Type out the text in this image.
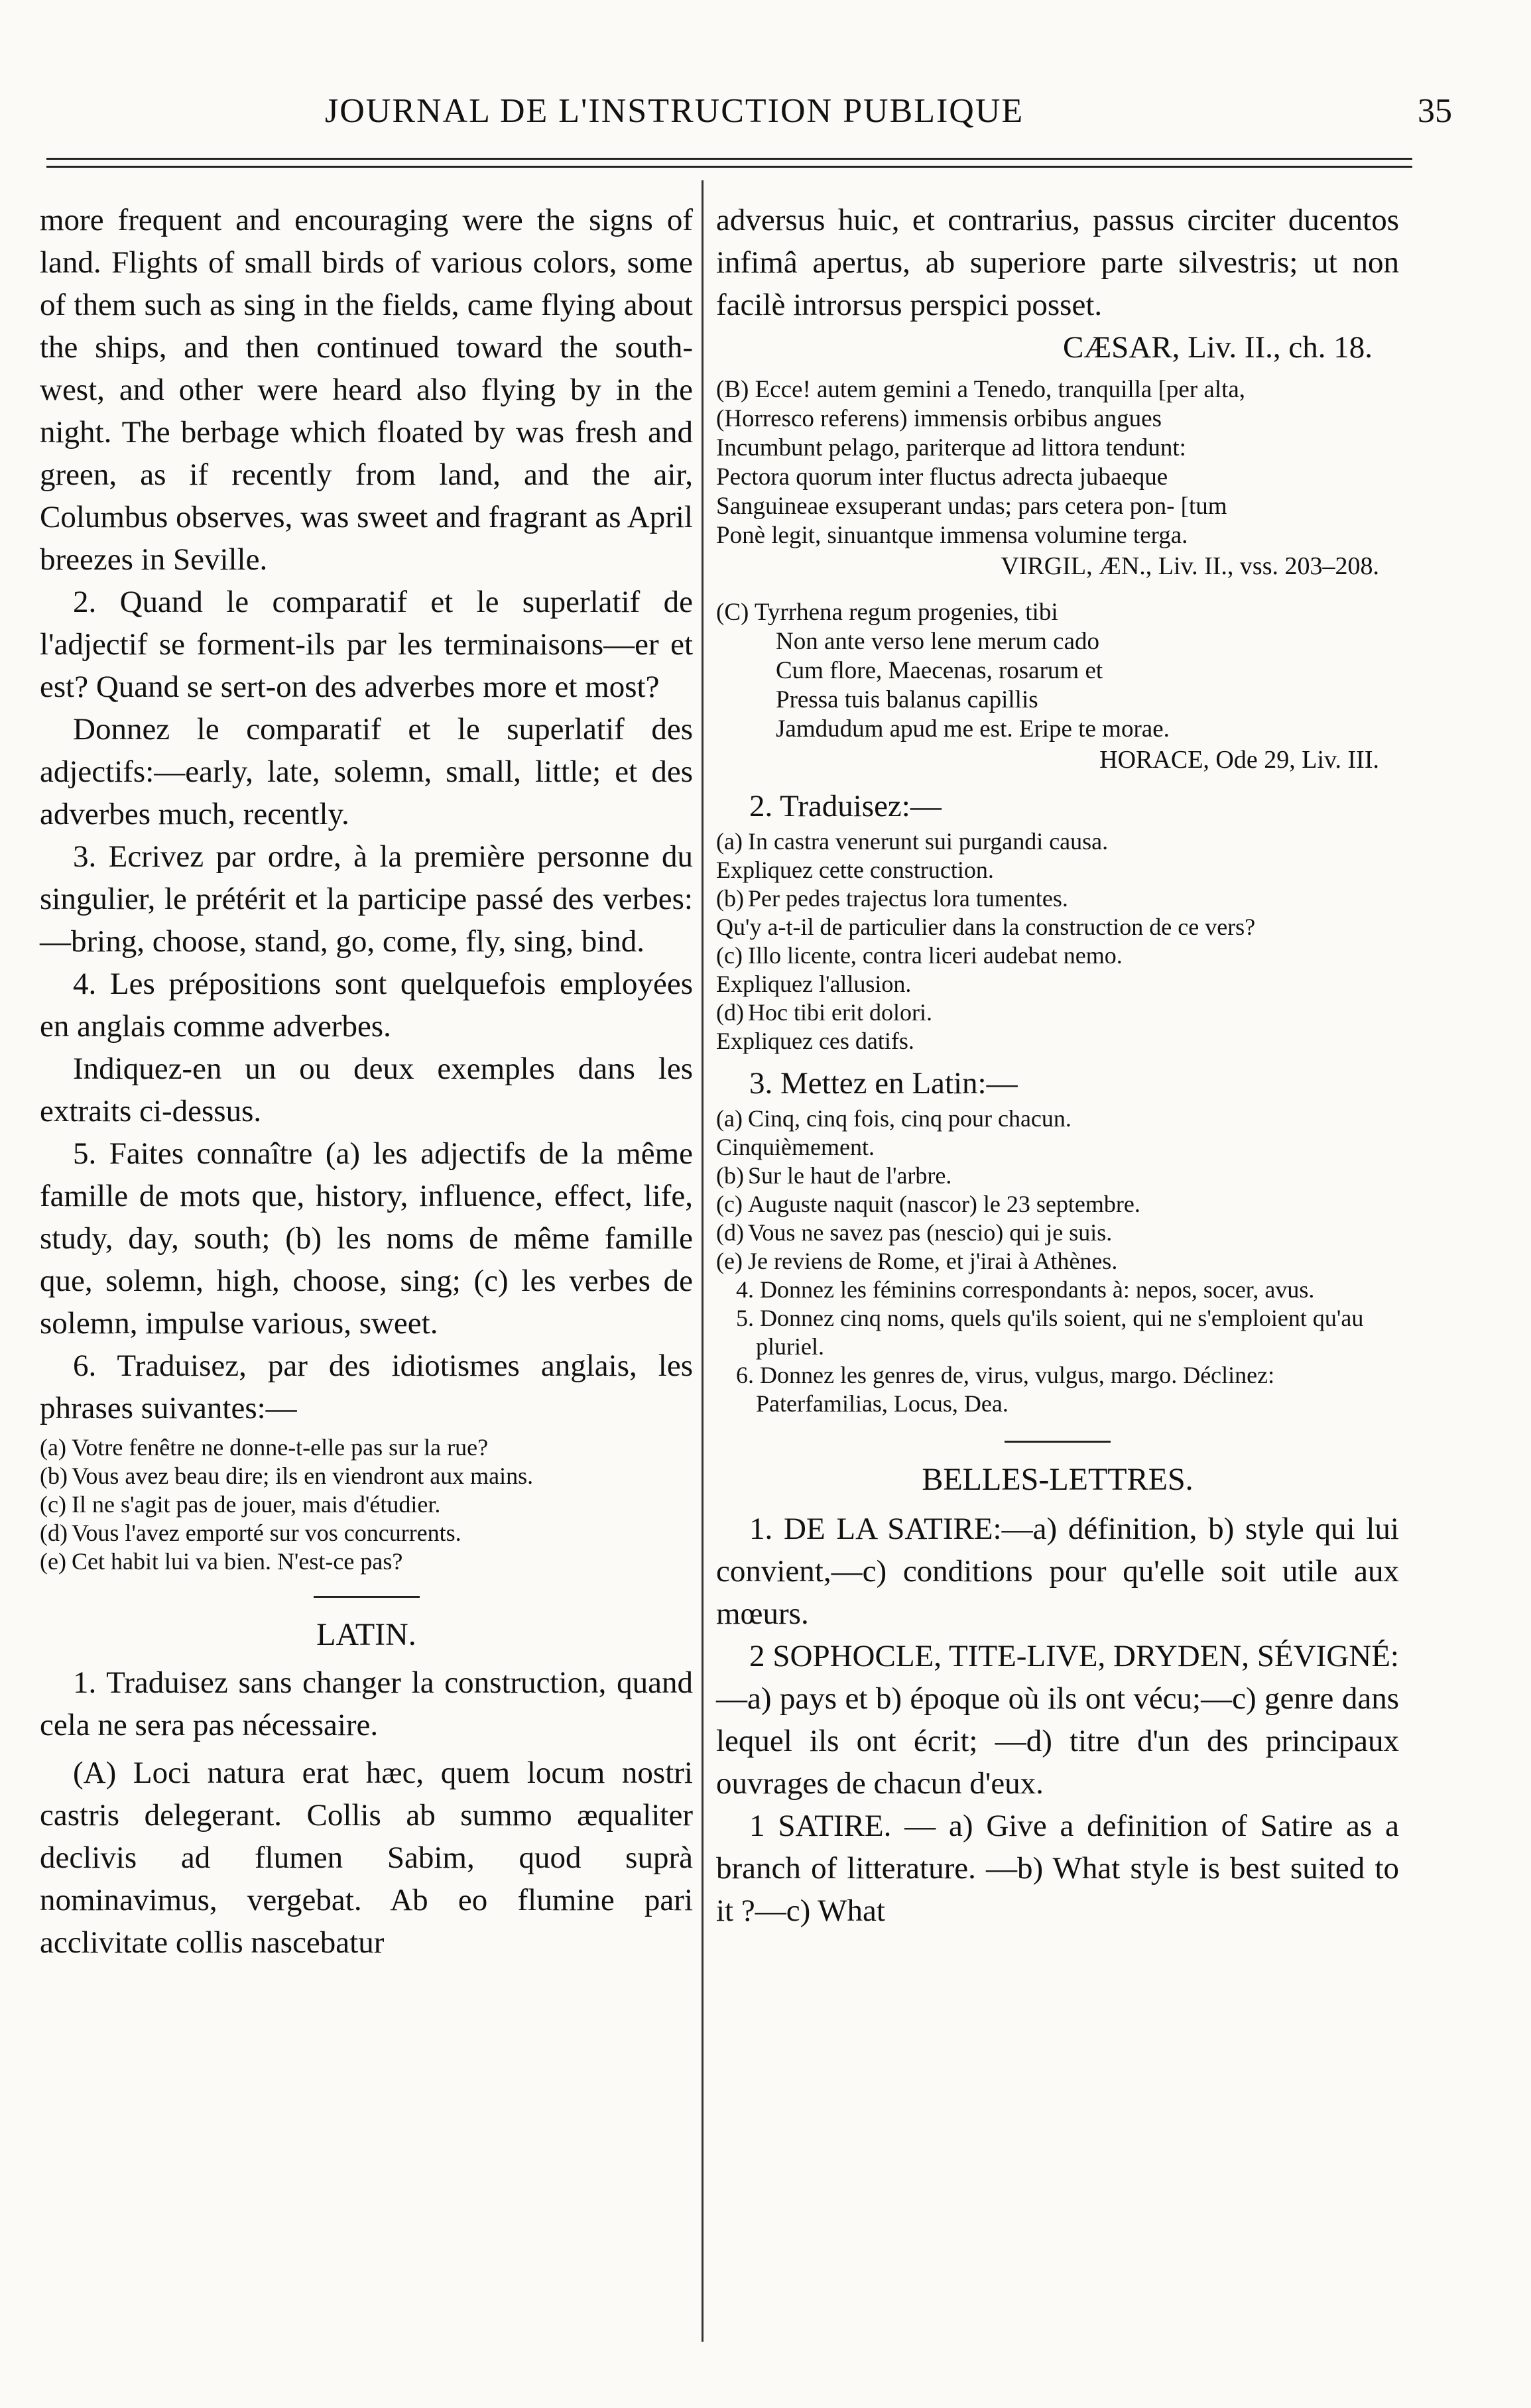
JOURNAL DE L'INSTRUCTION PUBLIQUE	35

more frequent and encouraging were the signs of land. Flights of small birds of various colors, some of them such as sing in the fields, came flying about the ships, and then continued toward the south-west, and other were heard also flying by in the night. The berbage which floated by was fresh and green, as if recently from land, and the air, Columbus observes, was sweet and fragrant as April breezes in Seville.

2. Quand le comparatif et le superlatif de l'adjectif se forment-ils par les terminaisons—er et est? Quand se sert-on des adverbes more et most?

Donnez le comparatif et le superlatif des adjectifs:—early, late, solemn, small, little; et des adverbes much, recently.

3. Ecrivez par ordre, à la première personne du singulier, le prétérit et la participe passé des verbes:—bring, choose, stand, go, come, fly, sing, bind.

4. Les prépositions sont quelquefois employées en anglais comme adverbes.

Indiquez-en un ou deux exemples dans les extraits ci-dessus.

5. Faites connaître (a) les adjectifs de la même famille de mots que, history, influence, effect, life, study, day, south; (b) les noms de même famille que, solemn, high, choose, sing; (c) les verbes de solemn, impulse various, sweet.

6. Traduisez, par des idiotismes anglais, les phrases suivantes:—

(a) Votre fenêtre ne donne-t-elle pas sur la rue?
(b) Vous avez beau dire; ils en viendront aux mains.
(c) Il ne s'agit pas de jouer, mais d'étudier.
(d) Vous l'avez emporté sur vos concurrents.
(e) Cet habit lui va bien. N'est-ce pas?
LATIN.

1. Traduisez sans changer la construction, quand cela ne sera pas nécessaire.

(A) Loci natura erat hæc, quem locum nostri castris delegerant. Collis ab summo æqualiter declivis ad flumen Sabim, quod suprà nominavimus, vergebat. Ab eo flumine pari acclivitate collis nascebatur

adversus huic, et contrarius, passus circiter ducentos infimâ apertus, ab superiore parte silvestris; ut non facilè introrsus perspici posset.

CÆSAR, Liv. II., ch. 18.

(B) Ecce! autem gemini a Tenedo, tranquilla [per alta,
(Horresco referens) immensis orbibus angues
Incumbunt pelago, pariterque ad littora tendunt:
Pectora quorum inter fluctus adrecta jubaeque
Sanguineae exsuperant undas; pars cetera pon- [tum
Ponè legit, sinuantque immensa volumine terga.

VIRGIL, ÆN., Liv. II., vss. 203–208.

(C) Tyrrhena regum progenies, tibi
Non ante verso lene merum cado
Cum flore, Maecenas, rosarum et
Pressa tuis balanus capillis
Jamdudum apud me est. Eripe te morae.

HORACE, Ode 29, Liv. III.

2. Traduisez:—

(a) In castra venerunt sui purgandi causa.
Expliquez cette construction.
(b) Per pedes trajectus lora tumentes.
Qu'y a-t-il de particulier dans la construction de ce vers?
(c) Illo licente, contra liceri audebat nemo.
Expliquez l'allusion.
(d) Hoc tibi erit dolori.
Expliquez ces datifs.

3. Mettez en Latin:—

(a) Cinq, cinq fois, cinq pour chacun.
Cinquièmement.
(b) Sur le haut de l'arbre.
(c) Auguste naquit (nascor) le 23 septembre.
(d) Vous ne savez pas (nescio) qui je suis.
(e) Je reviens de Rome, et j'irai à Athènes.

4. Donnez les féminins correspondants à: nepos, socer, avus.

5. Donnez cinq noms, quels qu'ils soient, qui ne s'emploient qu'au pluriel.

6. Donnez les genres de, virus, vulgus, margo. Déclinez: Paterfamilias, Locus, Dea.

BELLES-LETTRES.

1. DE LA SATIRE:—a) définition, b) style qui lui convient,—c) conditions pour qu'elle soit utile aux mœurs.

2 SOPHOCLE, TITE-LIVE, DRYDEN, SÉVIGNÉ:—a) pays et b) époque où ils ont vécu;—c) genre dans lequel ils ont écrit; —d) titre d'un des principaux ouvrages de chacun d'eux.

1 SATIRE. — a) Give a definition of Satire as a branch of litterature. —b) What style is best suited to it ?—c) What
